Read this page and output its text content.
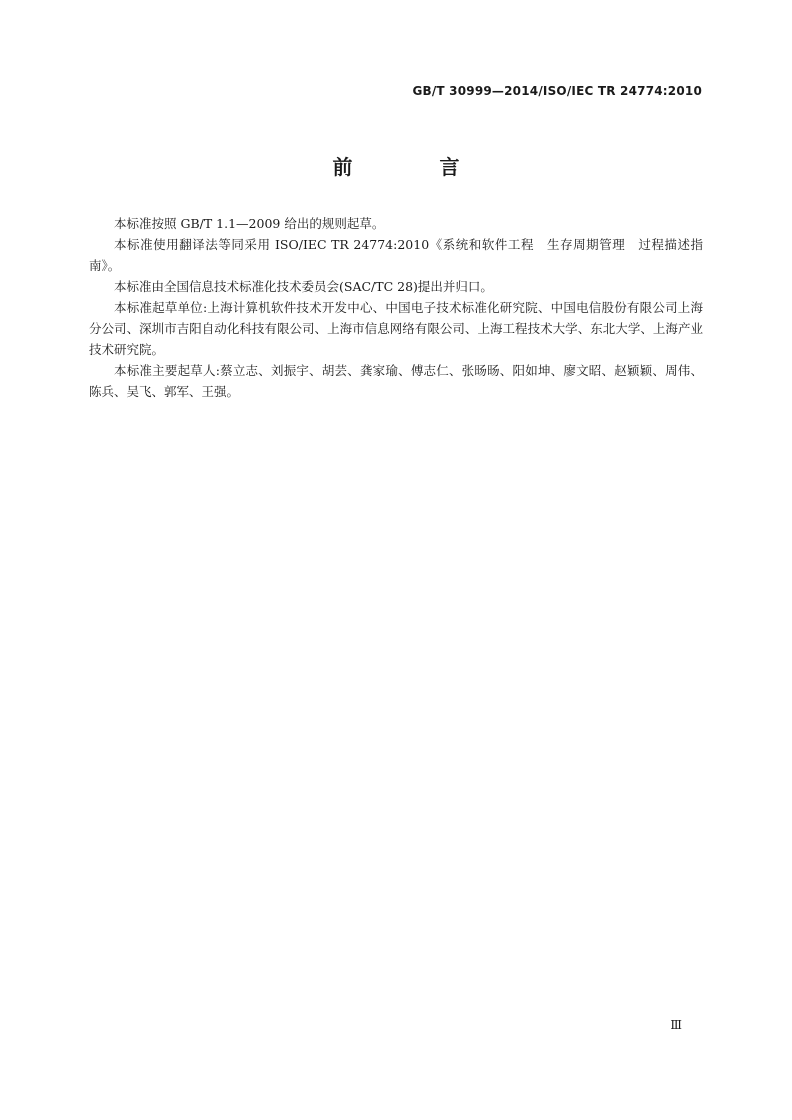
GB/T 30999—2014/ISO/IEC TR 24774:2010
前 言

本标准按照 GB/T 1.1—2009 给出的规则起草。

本标准使用翻译法等同采用 ISO/IEC TR 24774:2010《系统和软件工程　生存周期管理　过程描述指南》。

本标准由全国信息技术标准化技术委员会(SAC/TC 28)提出并归口。

本标准起草单位:上海计算机软件技术开发中心、中国电子技术标准化研究院、中国电信股份有限公司上海分公司、深圳市吉阳自动化科技有限公司、上海市信息网络有限公司、上海工程技术大学、东北大学、上海产业技术研究院。

本标准主要起草人:蔡立志、刘振宇、胡芸、龚家瑜、傅志仁、张旸旸、阳如坤、廖文昭、赵颖颖、周伟、陈兵、吴飞、郭军、王强。

Ⅲ
